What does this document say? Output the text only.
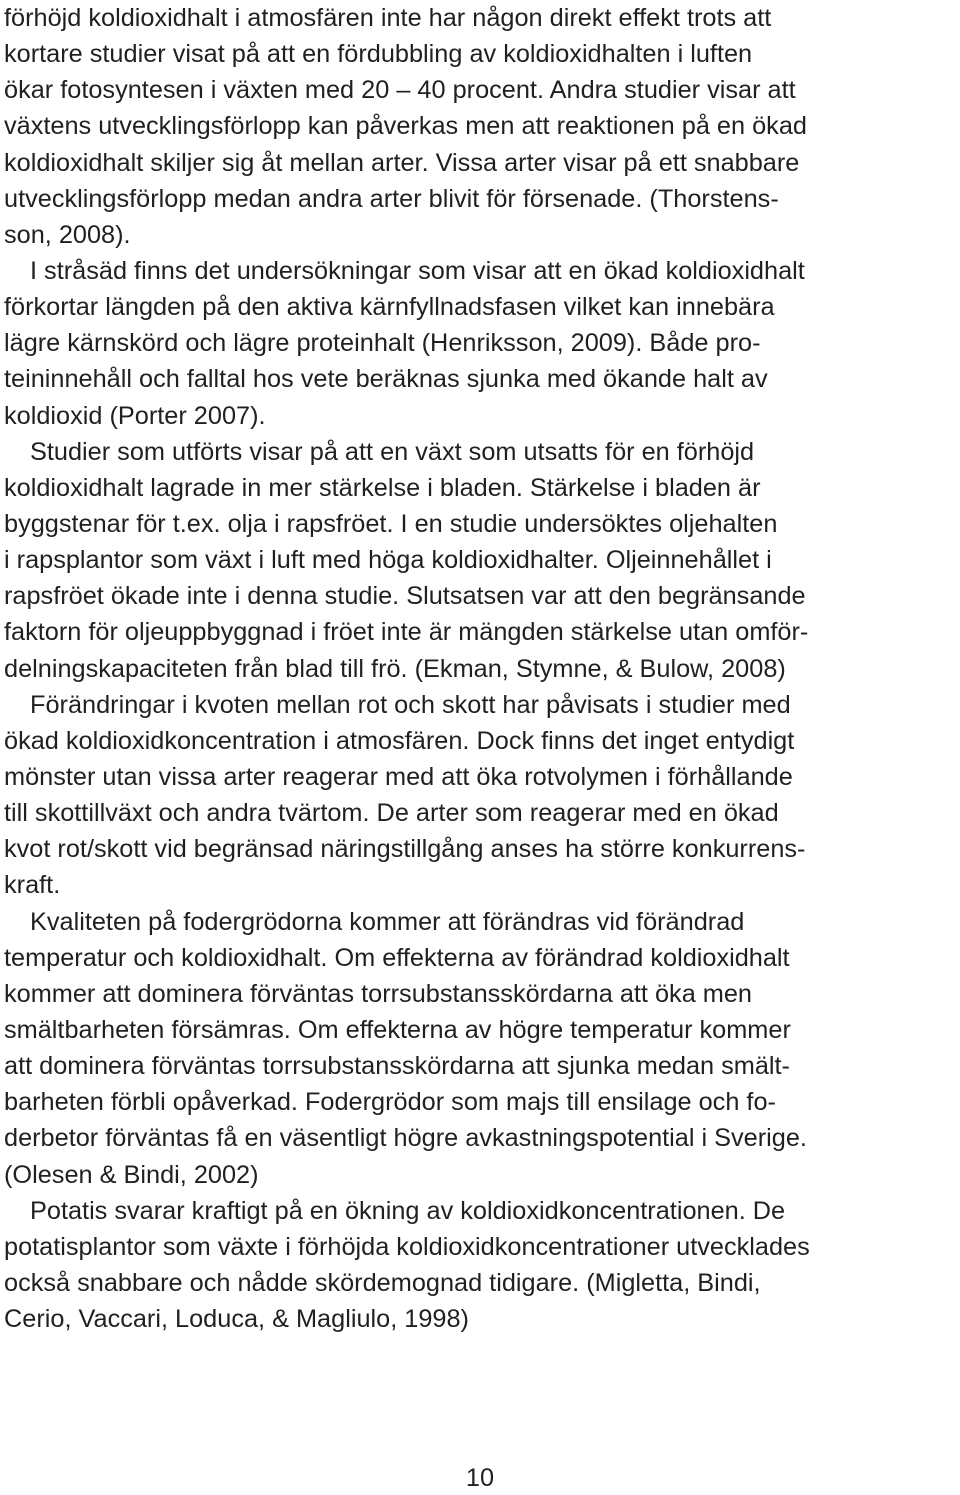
förhöjd koldioxidhalt i atmosfären inte har någon direkt effekt trots att
kortare studier visat på att en fördubbling av koldioxidhalten i luften
ökar fotosyntesen i växten med 20 – 40 procent. Andra studier visar att
växtens utvecklingsförlopp kan påverkas men att reaktionen på en ökad
koldioxidhalt skiljer sig åt mellan arter. Vissa arter visar på ett snabbare
utvecklingsförlopp medan andra arter blivit för försenade. (Thorstens-
son, 2008).

I stråsäd finns det undersökningar som visar att en ökad koldioxidhalt
förkortar längden på den aktiva kärnfyllnadsfasen vilket kan innebära
lägre kärnskörd och lägre proteinhalt (Henriksson, 2009). Både pro-
teininnehåll och falltal hos vete beräknas sjunka med ökande halt av
koldioxid (Porter 2007).

Studier som utförts visar på att en växt som utsatts för en förhöjd
koldioxidhalt lagrade in mer stärkelse i bladen. Stärkelse i bladen är
byggstenar för t.ex. olja i rapsfröet. I en studie undersöktes oljehalten
i rapsplantor som växt i luft med höga koldioxidhalter. Oljeinnehållet i
rapsfröet ökade inte i denna studie. Slutsatsen var att den begränsande
faktorn för oljeuppbyggnad i fröet inte är mängden stärkelse utan omför-
delningskapaciteten från blad till frö. (Ekman, Stymne, & Bulow, 2008)

Förändringar i kvoten mellan rot och skott har påvisats i studier med
ökad koldioxidkoncentration i atmosfären. Dock finns det inget entydigt
mönster utan vissa arter reagerar med att öka rotvolymen i förhållande
till skottillväxt och andra tvärtom. De arter som reagerar med en ökad
kvot rot/skott vid begränsad näringstillgång anses ha större konkurrens-
kraft.

Kvaliteten på fodergrödorna kommer att förändras vid förändrad
temperatur och koldioxidhalt. Om effekterna av förändrad koldioxidhalt
kommer att dominera förväntas torrsubstansskördarna att öka men
smältbarheten försämras. Om effekterna av högre temperatur kommer
att dominera förväntas torrsubstansskördarna att sjunka medan smält-
barheten förbli opåverkad. Fodergrödor som majs till ensilage och fo-
derbetor förväntas få en väsentligt högre avkastningspotential i Sverige.
(Olesen & Bindi, 2002)

Potatis svarar kraftigt på en ökning av koldioxidkoncentrationen. De
potatisplantor som växte i förhöjda koldioxidkoncentrationer utvecklades
också snabbare och nådde skördemognad tidigare. (Migletta, Bindi,
Cerio, Vaccari, Loduca, & Magliulo, 1998)

10
